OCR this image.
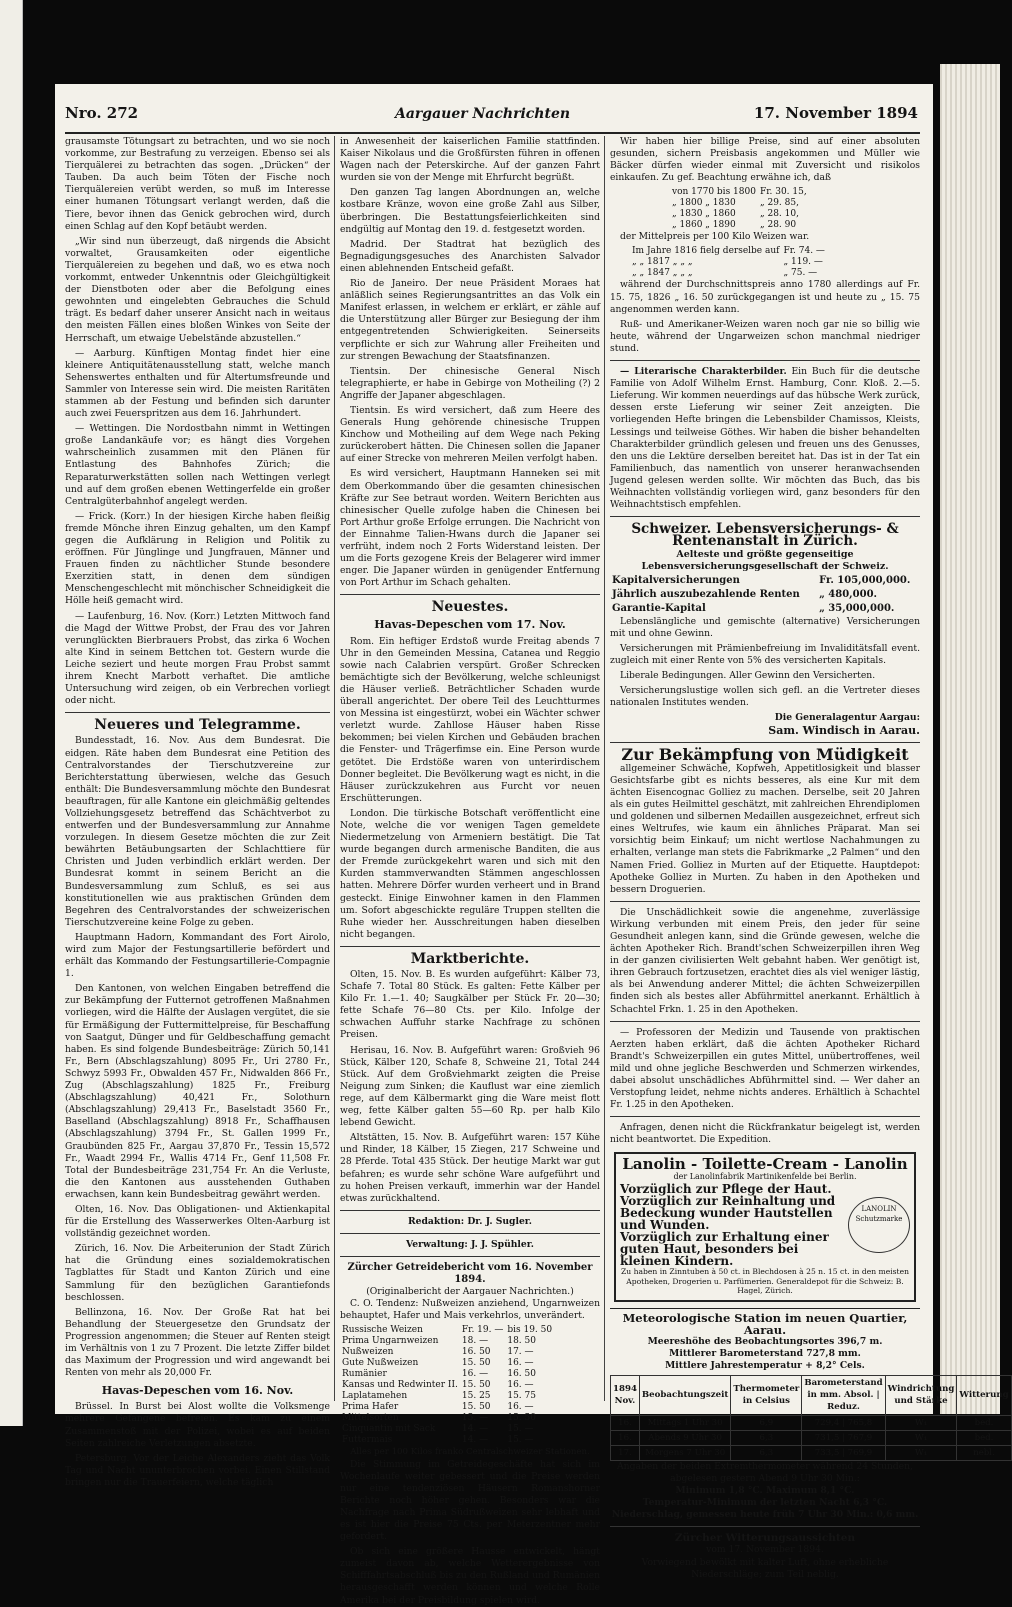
Nro. 272	Aargauer Nachrichten	17. November 1894

grausamste Tötungsart zu betrachten, und wo sie noch vorkomme, zur Bestrafung zu verzeigen. Ebenso sei als Tierquälerei zu betrachten das sogen. „Drücken“ der Tauben. Da auch beim Töten der Fische noch Tierquälereien verübt werden, so muß im Interesse einer humanen Tötungsart verlangt werden, daß die Tiere, bevor ihnen das Genick gebrochen wird, durch einen Schlag auf den Kopf betäubt werden.

„Wir sind nun überzeugt, daß nirgends die Absicht vorwaltet, Grausamkeiten oder eigentliche Tierquälereien zu begehen und daß, wo es etwa noch vorkommt, entweder Unkenntnis oder Gleichgültigkeit der Dienstboten oder aber die Befolgung eines gewohnten und eingelebten Gebrauches die Schuld trägt. Es bedarf daher unserer Ansicht nach in weitaus den meisten Fällen eines bloßen Winkes von Seite der Herrschaft, um etwaige Uebelstände abzustellen.“

— Aarburg. Künftigen Montag findet hier eine kleinere Antiquitätenausstellung statt, welche manch Sehenswertes enthalten und für Altertumsfreunde und Sammler von Interesse sein wird. Die meisten Raritäten stammen ab der Festung und befinden sich darunter auch zwei Feuerspritzen aus dem 16. Jahrhundert.

— Wettingen. Die Nordostbahn nimmt in Wettingen große Landankäufe vor; es hängt dies Vorgehen wahrscheinlich zusammen mit den Plänen für Entlastung des Bahnhofes Zürich; die Reparaturwerkstätten sollen nach Wettingen verlegt und auf dem großen ebenen Wettingerfelde ein großer Centralgüterbahnhof angelegt werden.

— Frick. (Korr.) In der hiesigen Kirche haben fleißig fremde Mönche ihren Einzug gehalten, um den Kampf gegen die Aufklärung in Religion und Politik zu eröffnen. Für Jünglinge und Jungfrauen, Männer und Frauen finden zu nächtlicher Stunde besondere Exerzitien statt, in denen dem sündigen Menschengeschlecht mit mönchischer Schneidigkeit die Hölle heiß gemacht wird.

— Laufenburg, 16. Nov. (Korr.) Letzten Mittwoch fand die Magd der Wittwe Probst, der Frau des vor Jahren verunglückten Bierbrauers Probst, das zirka 6 Wochen alte Kind in seinem Bettchen tot. Gestern wurde die Leiche seziert und heute morgen Frau Probst sammt ihrem Knecht Marbott verhaftet. Die amtliche Untersuchung wird zeigen, ob ein Verbrechen vorliegt oder nicht.

Neueres und Telegramme.

Bundesstadt, 16. Nov. Aus dem Bundesrat. Die eidgen. Räte haben dem Bundesrat eine Petition des Centralvorstandes der Tierschutzvereine zur Berichterstattung überwiesen, welche das Gesuch enthält: Die Bundesversammlung möchte den Bundesrat beauftragen, für alle Kantone ein gleichmäßig geltendes Vollziehungsgesetz betreffend das Schächtverbot zu entwerfen und der Bundesversammlung zur Annahme vorzulegen. In diesem Gesetze möchten die zur Zeit bewährten Betäubungsarten der Schlachttiere für Christen und Juden verbindlich erklärt werden. Der Bundesrat kommt in seinem Bericht an die Bundesversammlung zum Schluß, es sei aus konstitutionellen wie aus praktischen Gründen dem Begehren des Centralvorstandes der schweizerischen Tierschutzvereine keine Folge zu geben.

Hauptmann Hadorn, Kommandant des Fort Airolo, wird zum Major der Festungsartillerie befördert und erhält das Kommando der Festungsartillerie-Compagnie 1.

Den Kantonen, von welchen Eingaben betreffend die zur Bekämpfung der Futternot getroffenen Maßnahmen vorliegen, wird die Hälfte der Auslagen vergütet, die sie für Ermäßigung der Futtermittelpreise, für Beschaffung von Saatgut, Dünger und für Geldbeschaffung gemacht haben. Es sind folgende Bundesbeiträge: Zürich 50,141 Fr., Bern (Abschlagszahlung) 8095 Fr., Uri 2780 Fr., Schwyz 5993 Fr., Obwalden 457 Fr., Nidwalden 866 Fr., Zug (Abschlagszahlung) 1825 Fr., Freiburg (Abschlagszahlung) 40,421 Fr., Solothurn (Abschlagszahlung) 29,413 Fr., Baselstadt 3560 Fr., Baselland (Abschlagszahlung) 8918 Fr., Schaffhausen (Abschlagszahlung) 3794 Fr., St. Gallen 1999 Fr., Graubünden 825 Fr., Aargau 37,870 Fr., Tessin 15,572 Fr., Waadt 2994 Fr., Wallis 4714 Fr., Genf 11,508 Fr. Total der Bundesbeiträge 231,754 Fr. An die Verluste, die den Kantonen aus ausstehenden Guthaben erwachsen, kann kein Bundesbeitrag gewährt werden.

Olten, 16. Nov. Das Obligationen- und Aktienkapital für die Erstellung des Wasserwerkes Olten-Aarburg ist vollständig gezeichnet worden.

Zürich, 16. Nov. Die Arbeiterunion der Stadt Zürich hat die Gründung eines sozialdemokratischen Tagblattes für Stadt und Kanton Zürich und eine Sammlung für den bezüglichen Garantiefonds beschlossen.

Bellinzona, 16. Nov. Der Große Rat hat bei Behandlung der Steuergesetze den Grundsatz der Progression angenommen; die Steuer auf Renten steigt im Verhältnis von 1 zu 7 Prozent. Die letzte Ziffer bildet das Maximum der Progression und wird angewandt bei Renten von mehr als 20,000 Fr.

Havas-Depeschen vom 16. Nov.

Brüssel. In Burst bei Alost wollte die Volksmenge mehrere Gefangene befreien. Es kam zu einem Zusammenstoß mit der Polizei, wobei es auf beiden Seiten zahlreiche Verletzungen absetzte.

Petersburg. Vor der Leiche Alexanders zieht das Volk Tag und Nacht ununterbrochen vorbei. Einen Stillstand bringen nur die Trauerfeiern, welche täglich

in Anwesenheit der kaiserlichen Familie stattfinden. Kaiser Nikolaus und die Großfürsten führen in offenen Wagen nach der Peterskirche. Auf der ganzen Fahrt wurden sie von der Menge mit Ehrfurcht begrüßt.

Den ganzen Tag langen Abordnungen an, welche kostbare Kränze, wovon eine große Zahl aus Silber, überbringen. Die Bestattungsfeierlichkeiten sind endgültig auf Montag den 19. d. festgesetzt worden.

Madrid. Der Stadtrat hat bezüglich des Begnadigungsgesuches des Anarchisten Salvador einen ablehnenden Entscheid gefaßt.

Rio de Janeiro. Der neue Präsident Moraes hat anläßlich seines Regierungsantrittes an das Volk ein Manifest erlassen, in welchem er erklärt, er zähle auf die Unterstützung aller Bürger zur Besiegung der ihm entgegentretenden Schwierigkeiten. Seinerseits verpflichte er sich zur Wahrung aller Freiheiten und zur strengen Bewachung der Staatsfinanzen.

Tientsin. Der chinesische General Nisch telegraphierte, er habe in Gebirge von Motheiling (?) 2 Angriffe der Japaner abgeschlagen.

Tientsin. Es wird versichert, daß zum Heere des Generals Hung gehörende chinesische Truppen Kinchow und Motheiling auf dem Wege nach Peking zurückerobert hätten. Die Chinesen sollen die Japaner auf einer Strecke von mehreren Meilen verfolgt haben.

Es wird versichert, Hauptmann Hanneken sei mit dem Oberkommando über die gesamten chinesischen Kräfte zur See betraut worden. Weitern Berichten aus chinesischer Quelle zufolge haben die Chinesen bei Port Arthur große Erfolge errungen. Die Nachricht von der Einnahme Talien-Hwans durch die Japaner sei verfrüht, indem noch 2 Forts Widerstand leisten. Der um die Forts gezogene Kreis der Belagerer wird immer enger. Die Japaner würden in genügender Entfernung von Port Arthur im Schach gehalten.

Neuestes.
Havas-Depeschen vom 17. Nov.

Rom. Ein heftiger Erdstoß wurde Freitag abends 7 Uhr in den Gemeinden Messina, Catanea und Reggio sowie nach Calabrien verspürt. Großer Schrecken bemächtigte sich der Bevölkerung, welche schleunigst die Häuser verließ. Beträchtlicher Schaden wurde überall angerichtet. Der obere Teil des Leuchtturmes von Messina ist eingestürzt, wobei ein Wächter schwer verletzt wurde. Zahllose Häuser haben Risse bekommen; bei vielen Kirchen und Gebäuden brachen die Fenster- und Trägerfimse ein. Eine Person wurde getötet. Die Erdstöße waren von unterirdischem Donner begleitet. Die Bevölkerung wagt es nicht, in die Häuser zurückzukehren aus Furcht vor neuen Erschütterungen.

London. Die türkische Botschaft veröffentlicht eine Note, welche die vor wenigen Tagen gemeldete Niedermetzelung von Armeniern bestätigt. Die Tat wurde begangen durch armenische Banditen, die aus der Fremde zurückgekehrt waren und sich mit den Kurden stammverwandten Stämmen angeschlossen hatten. Mehrere Dörfer wurden verheert und in Brand gesteckt. Einige Einwohner kamen in den Flammen um. Sofort abgeschickte reguläre Truppen stellten die Ruhe wieder her. Ausschreitungen haben dieselben nicht begangen.

Marktberichte.

Olten, 15. Nov. B. Es wurden aufgeführt: Kälber 73, Schafe 7. Total 80 Stück. Es galten: Fette Kälber per Kilo Fr. 1.—1. 40; Saugkälber per Stück Fr. 20—30; fette Schafe 76—80 Cts. per Kilo. Infolge der schwachen Auffuhr starke Nachfrage zu schönen Preisen.

Herisau, 16. Nov. B. Aufgeführt waren: Großvieh 96 Stück, Kälber 120, Schafe 8, Schweine 21, Total 244 Stück. Auf dem Großviehmarkt zeigten die Preise Neigung zum Sinken; die Kauflust war eine ziemlich rege, auf dem Kälbermarkt ging die Ware meist flott weg, fette Kälber galten 55—60 Rp. per halb Kilo lebend Gewicht.

Altstätten, 15. Nov. B. Aufgeführt waren: 157 Kühe und Rinder, 18 Kälber, 15 Ziegen, 217 Schweine und 28 Pferde. Total 435 Stück. Der heutige Markt war gut befahren; es wurde sehr schöne Ware aufgeführt und zu hohen Preisen verkauft, immerhin war der Handel etwas zurückhaltend.

Redaktion: Dr. J. Sugler.
Verwaltung: J. J. Spühler.
Zürcher Getreidebericht vom 16. November 1894.
(Originalbericht der Aargauer Nachrichten.)

C. O. Tendenz: Nußweizen anziehend, Ungarnweizen behauptet, Hafer und Mais verkehrlos, unverändert.

Russische Weizen	Fr. 19. —	bis 19. 50
Prima Ungarnweizen	18. —	18. 50
Nußweizen	16. 50	17. —
Gute Nußweizen	15. 50	16. —
Rumänier	16. —	16. 50
Kansas und Redwinter II.	15. 50	16. —
Laplatamehen	15. 25	15. 75
Prima Hafer	15. 50	16. —
Mittelsorten	15. —	15. 50
Cinquantin mit Sack	14. —	15. —
Futtermais	14. —	15. —
Alles per 100 Kilos franko Centralschweizer Stationen.

Die Stimmung im Getreidegeschäfte hat sich im Wochenlaufe weiter gebessert und die Preise werden nur eine tendenziösen Häusern Romanshorner Berichte noch höher gehen. Besonders war die Nachfrage nach Prima Südrußweizen sehr lebhaft und es ist hier die Preise 75 Cts. per Meterzentner mehr gefordert.

Ob sich eine größere Hausse entwickelt, hängt zumeist davon ab, welche Wetterergebnisse von Schifffahrtsabschluß bis zu den Rußland und Rumänien herausgeschafft werden können und welche Rolle Amerika bei der Preisbildung spielen wird.

Wir haben hier billige Preise, sind auf einer absoluten gesunden, sichern Preisbasis angekommen und Müller wie Bäcker dürfen wieder einmal mit Zuversicht und risikolos einkaufen. Zu gef. Beachtung erwähne ich, daß

von 1770 bis 1800	Fr. 30. 15,
„ 1800 „ 1830	„ 29. 85,
„ 1830 „ 1860	„ 28. 10,
„ 1860 „ 1890	„ 28. 90

der Mittelpreis per 100 Kilo Weizen war.

Im Jahre 1816 fielg derselbe auf	Fr. 74. —
„ „ 1817 „ „ „	„ 119. —
„ „ 1847 „ „ „	„ 75. —

während der Durchschnittspreis anno 1780 allerdings auf Fr. 15. 75, 1826 „ 16. 50 zurückgegangen ist und heute zu „ 15. 75 angenommen werden kann.

Ruß- und Amerikaner-Weizen waren noch gar nie so billig wie heute, während der Ungarweizen schon manchmal niedriger stund.

— Literarische Charakterbilder. Ein Buch für die deutsche Familie von Adolf Wilhelm Ernst. Hamburg, Conr. Kloß. 2.—5. Lieferung. Wir kommen neuerdings auf das hübsche Werk zurück, dessen erste Lieferung wir seiner Zeit anzeigten. Die vorliegenden Hefte bringen die Lebensbilder Chamissos, Kleists, Lessings und teilweise Göthes. Wir haben die bisher behandelten Charakterbilder gründlich gelesen und freuen uns des Genusses, den uns die Lektüre derselben bereitet hat. Das ist in der Tat ein Familienbuch, das namentlich von unserer heranwachsenden Jugend gelesen werden sollte. Wir möchten das Buch, das bis Weihnachten vollständig vorliegen wird, ganz besonders für den Weihnachtstisch empfehlen.

Schweizer. Lebensversicherungs- & Rentenanstalt in Zürich.
Aelteste und größte gegenseitige Lebensversicherungsgesellschaft der Schweiz.
Kapitalversicherungen	Fr. 105,000,000.
Jährlich auszubezahlende Renten	„ 480,000.
Garantie-Kapital	„ 35,000,000.

Lebenslängliche und gemischte (alternative) Versicherungen mit und ohne Gewinn.

Versicherungen mit Prämienbefreiung im Invaliditätsfall event. zugleich mit einer Rente von 5% des versicherten Kapitals.

Liberale Bedingungen. Aller Gewinn den Versicherten.

Versicherungslustige wollen sich gefl. an die Vertreter dieses nationalen Institutes wenden.

Die Generalagentur Aargau:
Sam. Windisch in Aarau.
Zur Bekämpfung von Müdigkeit

allgemeiner Schwäche, Kopfweh, Appetitlosigkeit und blasser Gesichtsfarbe gibt es nichts besseres, als eine Kur mit dem ächten Eisencognac Golliez zu machen. Derselbe, seit 20 Jahren als ein gutes Heilmittel geschätzt, mit zahlreichen Ehrendiplomen und goldenen und silbernen Medaillen ausgezeichnet, erfreut sich eines Weltrufes, wie kaum ein ähnliches Präparat. Man sei vorsichtig beim Einkauf; um nicht wertlose Nachahmungen zu erhalten, verlange man stets die Fabrikmarke „2 Palmen“ und den Namen Fried. Golliez in Murten auf der Etiquette. Hauptdepot: Apotheke Golliez in Murten. Zu haben in den Apotheken und bessern Droguerien.

Die Unschädlichkeit sowie die angenehme, zuverlässige Wirkung verbunden mit einem Preis, den jeder für seine Gesundheit anlegen kann, sind die Gründe gewesen, welche die ächten Apotheker Rich. Brandt'schen Schweizerpillen ihren Weg in der ganzen civilisierten Welt gebahnt haben. Wer genötigt ist, ihren Gebrauch fortzusetzen, erachtet dies als viel weniger lästig, als bei Anwendung anderer Mittel; die ächten Schweizerpillen finden sich als bestes aller Abführmittel anerkannt. Erhältlich à Schachtel Frkn. 1. 25 in den Apotheken.

— Professoren der Medizin und Tausende von praktischen Aerzten haben erklärt, daß die ächten Apotheker Richard Brandt's Schweizerpillen ein gutes Mittel, unübertroffenes, weil mild und ohne jegliche Beschwerden und Schmerzen wirkendes, dabei absolut unschädliches Abführmittel sind. — Wer daher an Verstopfung leidet, nehme nichts anderes. Erhältlich à Schachtel Fr. 1.25 in den Apotheken.

Anfragen, denen nicht die Rückfrankatur beigelegt ist, werden nicht beantwortet. Die Expedition.

Lanolin - Toilette-Cream - Lanolin
der Lanolinfabrik Martinikenfelde bei Berlin.
Vorzüglich zur Pflege der Haut.
Vorzüglich zur Reinhaltung und Bedeckung wunder Hautstellen und Wunden.
Vorzüglich zur Erhaltung einer guten Haut, besonders bei kleinen Kindern.
LANOLIN Schutzmarke
Zu haben in Zinntuben à 50 ct. in Blechdosen à 25 n. 15 ct. in den meisten Apotheken, Drogerien u. Parfümerien. Generaldepot für die Schweiz: B. Hagel, Zürich.
Meteorologische Station im neuen Quartier, Aarau.
Meereshöhe des Beobachtungsortes 396,7 m.
Mittlerer Barometerstand 727,8 mm.
Mittlere Jahrestemperatur + 8,2° Cels.
1894 Nov.	Beobachtungszeit	Thermometer in Celsius	Barometerstand in mm. Absol. | Reduz.	Windrichtung und Stärke	Witterung
16.	Mittags 1 Uhr 30	6,9	729,4 | 765,8	W₁	bed.
16.	Abends 9 Uhr 30	6,3	731,5 | 767,9	W₁	bed.
17.	Morgens 7 Uhr 30	6,3	733,5 | 769,9	W₁	nebl.
Angaben der beiden Extremthermometer während 24 Stunden, abgelesen gestern Abend 9 Uhr 30 Min.:
Minimum 1,8 °C. Maximum 8,1 °C.
Temperatur-Minimum der letzten Nacht 6,3 °C.
Niederschlag, gemessen heute früh 7 Uhr 30 Min.: 0,6 mm.
Zürcher Witterungsaussichten
vom 17. November 1894.
Vorwiegend bewölkt mit kalter Luft, ohne erhebliche Niederschläge; zum Teil neblig.
